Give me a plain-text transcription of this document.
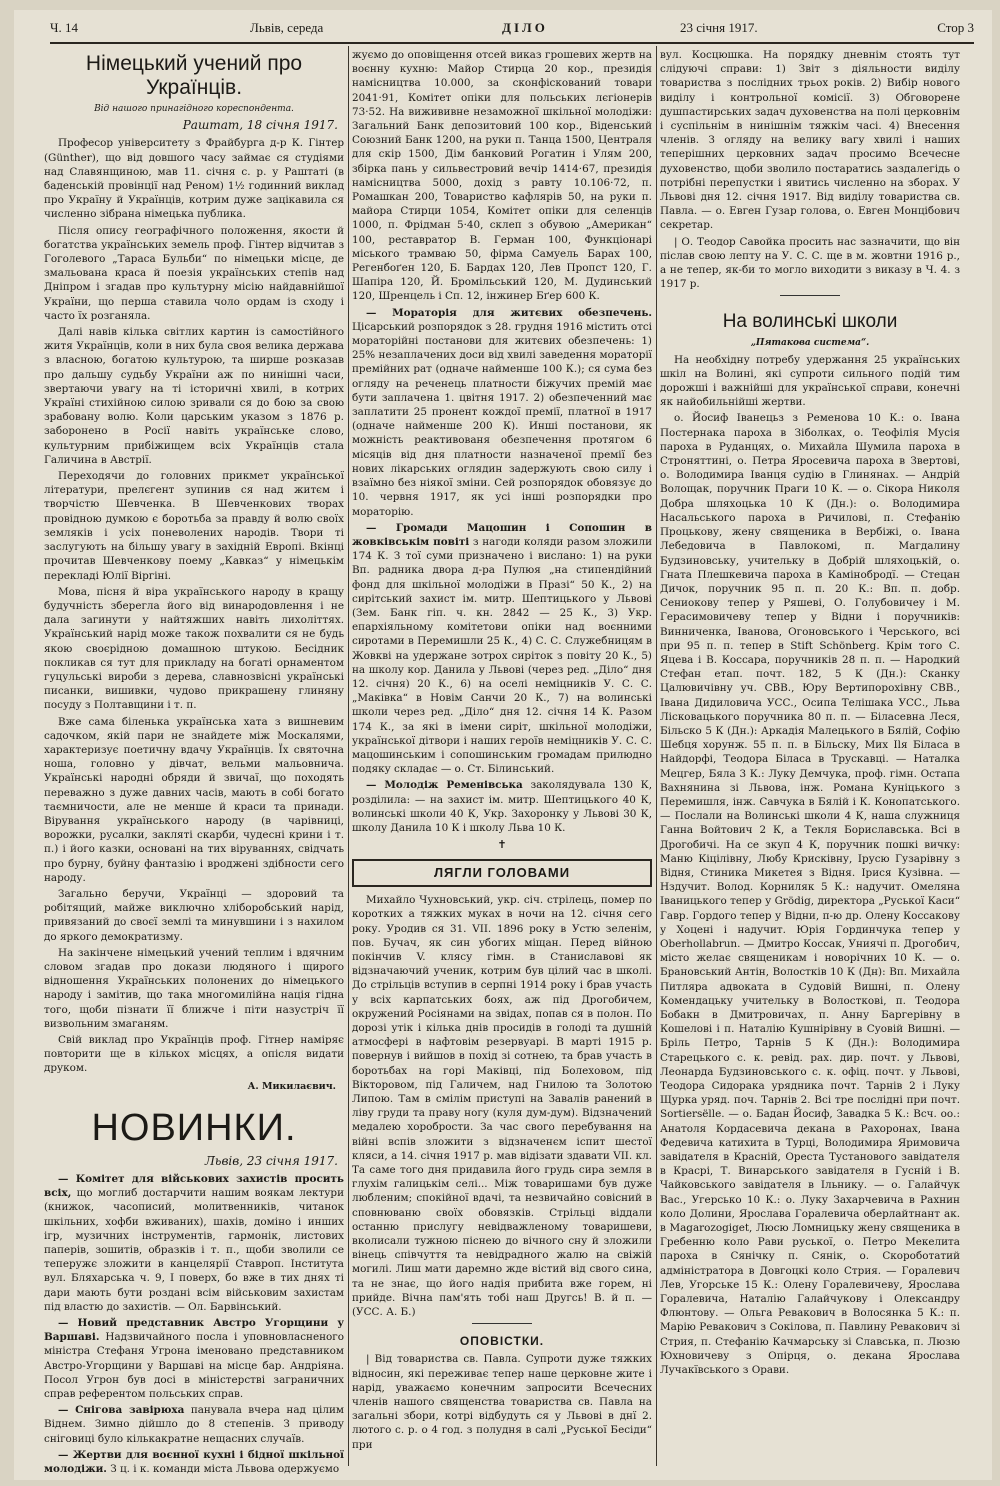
Ч. 14	Львів, середа	ДІЛО	23 січня 1917.	Стор 3
Німецький учений про Українців.
Від нашого принагідного кореспондента.
Раштат, 18 січня 1917.

Професор університету з Фрайбурга д-р К. Гінтер (Günther), що від довшого часу займає ся студіями над Славянщиною, мав 11. січня с. р. у Раштаті (в баденській провінції над Реном) 1½ годинний виклад про Україну й Українців, котрим дуже зацікавила ся численно зібрана німецька публика.

Після опису географічного положення, якости й богатства українських земель проф. Гінтер відчитав з Гоголевого „Тараса Бульби“ по німецьки місце, де змальована краса й поезія українських степів над Дніпром і згадав про культурну місію найдавнійшої України, що перша ставила чоло ордам із сходу і часто їх розганяла.

Далі навів кілька світлих картин із самостійного житя Українців, коли в них була своя велика держава з власною, богатою культурою, та ширше розказав про дальшу судьбу України аж по нинішні часи, звертаючи увагу на ті історичні хвилі, в котрих Україні стихійною силою зривали ся до бою за свою зрабовану волю. Коли царським указом з 1876 р. заборонено в Росії навіть українське слово, культурним прибіжищем всіх Українців стала Галичина в Австрії.

Переходячи до головних прикмет української літератури, прелєгент зупинив ся над житєм і творчістю Шевченка. В Шевченкових творах провідною думкою є боротьба за правду й волю своїх земляків і усіх поневолених народів. Твори ті заслугують на більшу увагу в західній Европі. Вкінці прочитав Шевченкову поему „Кавказ“ у німецькім перекладі Юлії Віргіні.

Мова, пісня й віра українського народу в кращу будучність зберегла його від винародовлення і не дала загинути у найтяжших навіть лихоліттях. Український нарід може також похвалити ся не будь якою своєрідною домашною штукою. Бесідник покликав ся тут для прикладу на богаті орнаментом гуцульські вироби з дерева, славнозвісні українські писанки, вишивки, чудово прикрашену глиняну посуду з Полтавщини і т. п.

Вже сама біленька українська хата з вишневим садочком, якій пари не знайдете між Москалями, характеризує поетичну вдачу Українців. Їх святочна ноша, головно у дівчат, вельми мальовнича. Українські народні обряди й звичаї, що походять переважно з дуже давних часів, мають в собі богато таємничости, але не менше й краси та принади. Вірування українського народу (в чарівниці, ворожки, русалки, заклятi скарби, чудесні крини і т. п.) і його казки, основані на тих віруваннях, свідчать про бурну, буйну фантазію і вроджені здібности сего народу.

Загально беручи, Українці — здоровий та робітящий, майже виключно хліборобський нарід, привязаний до своєї землі та минувшини і з нахилом до яркого демократизму.

На закінчене німецький учений теплим і вдячним словом згадав про докази людяного і щирого відношення Українських полонених до німецького народу і замітив, що така многомилійна нація гідна того, щоби пізнати її ближче і піти назустріч її визвольним змаганям.

Свій виклад про Українців проф. Гітнер наміряє повторити ще в кількох місцях, а опісля видати друком.

А. Микилаєвич.
НОВИНКИ.
Львів, 23 січня 1917.

— Комітет для військових захистів просить всіх, що моглиб достарчити нашим воякам лектури (книжок, часописий, молитвенників, читанок шкільних, хофби вживаних), шахів, доміно і инших ігр, музичних інструментів, гармонік, листових паперів, зошитів, образків і т. п., щоби зволили се теперужє зложити в канцелярії Ставроп. Інститута вул. Бляхарська ч. 9, І поверх, бо вже в тих днях ті дари мають бути роздані всім військовим захистам під властю до захистів. — Ол. Барвінський.

— Новий представник Австро Угорщини у Варшаві. Надзвичайного посла і уповновласненого міністра Стефаня Угрона іменовано представником Австро-Угорщини у Варшаві на місце бар. Андріяна. Посол Угрон був досі в міністерстві заграничних справ референтом польських справ.

— Снігова завірюха панувала вчера над цілим Віднем. Зимно дійшло до 8 степенів. З приводу сніговиці було кількакратне нещасних случаїв.

— Жертви для воєнної кухні і бідної шкільної молодіжи. З ц. і к. команди міста Львова одержуємо

жуємо до оповіщення отсей виказ грошевих жертв на воєнну кухню: Майор Стирца 20 кор., президія намісництва 10.000, за сконфіскований товари 2041·91, Комітет опіки для польських лєгіонерів 73·52. На вижививне незаможної шкільної молодіжи: Загальний Банк депозитовий 100 кор., Віденський Союзний Банк 1200, на руки п. Танца 1500, Централя для скір 1500, Дім банковий Рогатин і Улям 200, збірка пань у сильвестровий вечір 1414·67, президія намісництва 5000, дохід з равту 10.106·72, п. Ромашкан 200, Товариство кафлярів 50, на руки п. майора Стирци 1054, Комітет опіки для селенців 1000, п. Фрідман 5·40, склеп з обувою „Американ“ 100, реставратор В. Герман 100, Функціонарі міського трамваю 50, фірма Самуель Барах 100, Регенбоґен 120, Б. Бардах 120, Лев Пропст 120, Г. Шапіра 120, Й. Бромільський 120, М. Дудинський 120, Шренцель і Сп. 12, інжинер Бґер 600 К.

— Мораторія для житєвих обезпечень. Цісарський розпорядок з 28. грудня 1916 містить отсі мораторійні постанови для житєвих обезпечень: 1) 25% незаплачених доси від хвилі заведення мораторії премійних рат (одначе найменше 100 К.); ся сума без огляду на реченець платности біжучих премій має бути заплачена 1. цвітня 1917. 2) обезпеченний має заплатити 25 пронент кождої премії, платної в 1917 (одначе найменше 200 К). Инші постанови, як можність реактивованя обезпечення протягом 6 місяців від дня платности назначеної премії без нових лікарських оглядин задержують свою силу і взаїмно без ніякої зміни. Сей розпорядок обовязує до 10. червня 1917, як усі інші розпорядки про мораторію.

— Громади Мацошин і Сопошин в жовківськім повіті з нагоди коляди разом зложили 174 К. З тої суми призначено і вислано: 1) на руки Вп. радника двора д-ра Пулюя „на стипендійний фонд для шкільної молодіжи в Празі“ 50 К., 2) на сирітський захист ім. митр. Шептицького у Львові (Зем. Банк гіп. ч. кн. 2842 — 25 К., 3) Укр. епархіяльному комітетови опіки над воєнними сиротами в Перемишли 25 К., 4) С. С. Служебницям в Жовкві на удержане зотрох сиріток з повіту 20 К., 5) на школу кор. Данила у Львові (через ред. „Діло“ дня 12. січня) 20 К., 6) на оселі неміцників У. С. С. „Маківка“ в Новім Санчи 20 К., 7) на волинські школи через ред. „Діло“ дня 12. січня 14 К. Разом 174 К., за які в імени сиріт, шкільної молодіжи, української дітвори і наших героїв неміцників У. С. С. мацошинським і сопошинським громадам прилюдно подяку складає — о. Ст. Білинський.

— Молодіж Ременівська заколядувала 130 К, розділила: — на захист ім. митр. Шептицького 40 К, волинські школи 40 К, Укр. Захоронку у Львові 30 К, школу Данила 10 К і школу Льва 10 К.

✝
ЛЯГЛИ ГОЛОВАМИ

Михайло Чухновський, укр. січ. стрілець, помер по коротких а тяжких муках в ночи на 12. січня сего року. Уродив ся 31. VII. 1896 року в Устю зеленім, пов. Бучач, як син убогих міщан. Перед війною покінчив V. клясу гімн. в Станиславові як відзначаючий ученик, котрим був цілий час в школі. До стрільців вступив в серпні 1914 року і брав участь у всіх карпатських боях, аж під Дрогобичем, окружений Росіянами на звідах, попав ся в полон. По дорозі утік і кілька днів просидів в голоді та душній атмосфері в нафтовім резервуарі. В марті 1915 р. повернув і вийшов в похід зі сотнею, та брав участь в боротьбах на горі Маківці, під Болеховом, під Вікторовом, під Галичем, над Гнилою та Золотою Липою. Там в смілім приступі на Завалів ранений в ліву груди та праву ногу (куля дум-дум). Відзначений медалею хоробрости. За час свого перебування на війні вспів зложити з відзначенєм іспит шестої кляси, а 14. січня 1917 р. мав відізати здавати VII. кл. Та саме того дня придавила його грудь сира земля в глухім галицькім селі... Між товаришами був дуже любленим; спокійної вдачі, та незвичайно совісний в сповнюваню своїх обовязків. Стрільці віддали останню прислугу невідважленому товаришеви, вколисали тужною піснею до вічного сну й зложили вінець співчуття та невідрадного жалю на свіжій могилі. Лиш мати даремно жде вістий від свого сина, та не знає, що його надія прибита вже горем, ні прийде. Вічна пам'ять тобі наш Другсь! В. й п. — (УСС. А. Б.)

ОПОВІСТКИ.

| Від товариства св. Павла. Супроти дуже тяжких відносин, які переживає тепер наше церковне жите і нарід, уважаємо конечним запросити Всечесних членів нашого священства товариства св. Павла на загальні збори, котрі відбудуть ся у Львові в днї 2. лютого с. р. о 4 год. з полудня в салі „Руської Бесіди“ при

вул. Косцюшка. На порядку дневнім стоять тут слідуючі справи: 1) Звіт з діяльности виділу товариства з послідних трьох років. 2) Вибір нового виділу і контрольної комісії. 3) Обговорене душпастирських задач духовенства на полі церковнім і суспільнім в нинішнім тяжкім часі. 4) Внесення членів. З огляду на велику вагу хвилі і наших теперішних церковних задач просимо Всечесне духовенство, щоби зволило постаратись заздалегідь о потрібні перепустки і явитись численно на зборах. У Львові дня 12. січня 1917. Від виділу товариства св. Павла. — о. Евген Гузар голова, о. Евген Монцібович секретар.

| О. Теодор Савойка просить нас зазначити, що він післав свою лепту на У. С. С. ще в м. жовтни 1916 р., а не тепер, як-би то могло виходити з виказу в Ч. 4. з 1917 р.

На волинські школи
„Пятакова система“.

На необхідну потребу удержання 25 українських шкіл на Волині, які супроти сильного подій тим дорожші і важнійші для української справи, конечні як найобильнійші жертви.

о. Йосиф Іванецьз з Ременова 10 К.: о. Івана Постернака пароха в Зіболках, о. Теофілія Мусія пароха в Руданцях, о. Михайла Шумила пароха в Строняттині, о. Петра Яросевича пароха в Звертові, о. Володимира Іванця судію в Глинянах. — Андрій Волощак, поручник Праги 10 К. — о. Сікора Николя Добра шляхоцька 10 К (Дн.): о. Володимира Насальського пароха в Ричилові, п. Стефанію Процькову, жену священика в Вербіжі, о. Івана Лебедовича в Павлокомі, п. Магдалину Будзиновську, учительку в Добрій шляхоцькій, о. Гната Плешкевича пароха в Камінобродї. — Стецан Дичок, поручник 95 п. п. 20 К.: Вп. п. добр. Сениокову тепер у Ряшеві, О. Голубовичеу і М. Герасимовичеву тепер у Відни і поручників: Винниченка, Іванова, Огоновського і Черського, всі при 95 п. п. тепер в Stift Schönberg. Крім того С. Яцева і В. Коссара, поручників 28 п. п. — Народкий Стефан етап. почт. 182, 5 К (Дн.): Сканку Цалювичівну уч. СВВ., Юру Вертипорохівну СВВ., Івана Дидиловича УСС., Осипа Телішака УСС., Льва Лісковацького поручника 80 п. п. — Біласевна Леся, Більско 5 К (Дн.): Аркадія Малецького в Бялій, Софію Шебця хорунж. 55 п. п. в Більску, Мих Ilя Біласа в Найдорфі, Теодора Біласа в Трускавці. — Наталка Мецгер, Бяла 3 К.: Луку Демчука, проф. гімн. Остапа Вахнянина зі Львова, інж. Романа Куніцького з Перемишля, інж. Савчука в Бялій і К. Конопатського. — Послали на Волинські школи 4 К, наша служниця Ганна Войтович 2 К, а Текля Бориславська. Всі в Дрогобичі. На се зкуп 4 К, поручник пошкі вичку: Маню Кіцілівну, Любу Крисківну, Ірусю Гузарівну з Відня, Стиника Микетея з Відня. Ірися Кузівна. — Нздучит. Волод. Корниляк 5 К.: надучит. Омеляна Іваницького тепер у Grödig, директора „Руської Каси“ Гавр. Гордого тепер у Відни, п-ю др. Олену Коссакову у Хоцені і надучит. Юрія Гординчука тепер у Oberhollabrun. — Дмитро Коссак, Униячі п. Дрогобич, місто желає священикам і новорічних 10 К. — о. Брановський Антін, Волостків 10 К (Дн): Вп. Михайла Питляра адвоката в Судовій Вишні, п. Олену Комендацьку учительку в Волостковi, п. Теодора Бобакн в Дмитровичах, п. Анну Баргерівну в Кошелові і п. Наталію Кушнірівну в Суовій Вишні. — Бріль Петро, Тарнів 5 К (Дн.): Володимира Старецького с. к. ревід. рах. дир. почт. у Львові, Леонарда Будзиновського с. к. офіц. почт. у Львові, Теодора Сидорака урядника почт. Тарнів 2 і Луку Щурка уряд. поч. Тарнів 2. Всі тре послідні при почт. Sortiersëlle. — о. Бадан Йосиф, Завадка 5 К.: Всч. оо.: Анатоля Кордасевича декана в Рахоронах, Івана Федевича катихита в Турці, Володимира Яримовича завідателя в Красній, Ореста Тустанового завідателя в Красрі, Т. Винарського завідателя в Гусній і В. Чайковського завідателя в Ільнику. — о. Галайчук Вас., Угерсько 10 К.: о. Луку Захарчевича в Рахнин коло Долини, Ярослава Горалевича оберлайтнант ак. в Magarozogiget, Люсю Ломницьку жену священика в Гребенню коло Рави руської, о. Петро Мекелита пароха в Сянічку п. Сянік, о. Скороботатий адміністратора в Довгоцкі коло Стрия. — Горалевич Лев, Угорське 15 К.: Олену Горалевичеву, Ярослава Горалевича, Наталію Галайчукову і Олександру Флюнтову. — Ольга Ревакович в Волосянка 5 К.: п. Марію Ревакович з Сокілова, п. Павлину Ревакович зі Стрия, п. Стефанію Качмарську зі Славська, п. Люзю Юхновичеву з Опірця, о. декана Ярослава Лучакївського з Орави.
